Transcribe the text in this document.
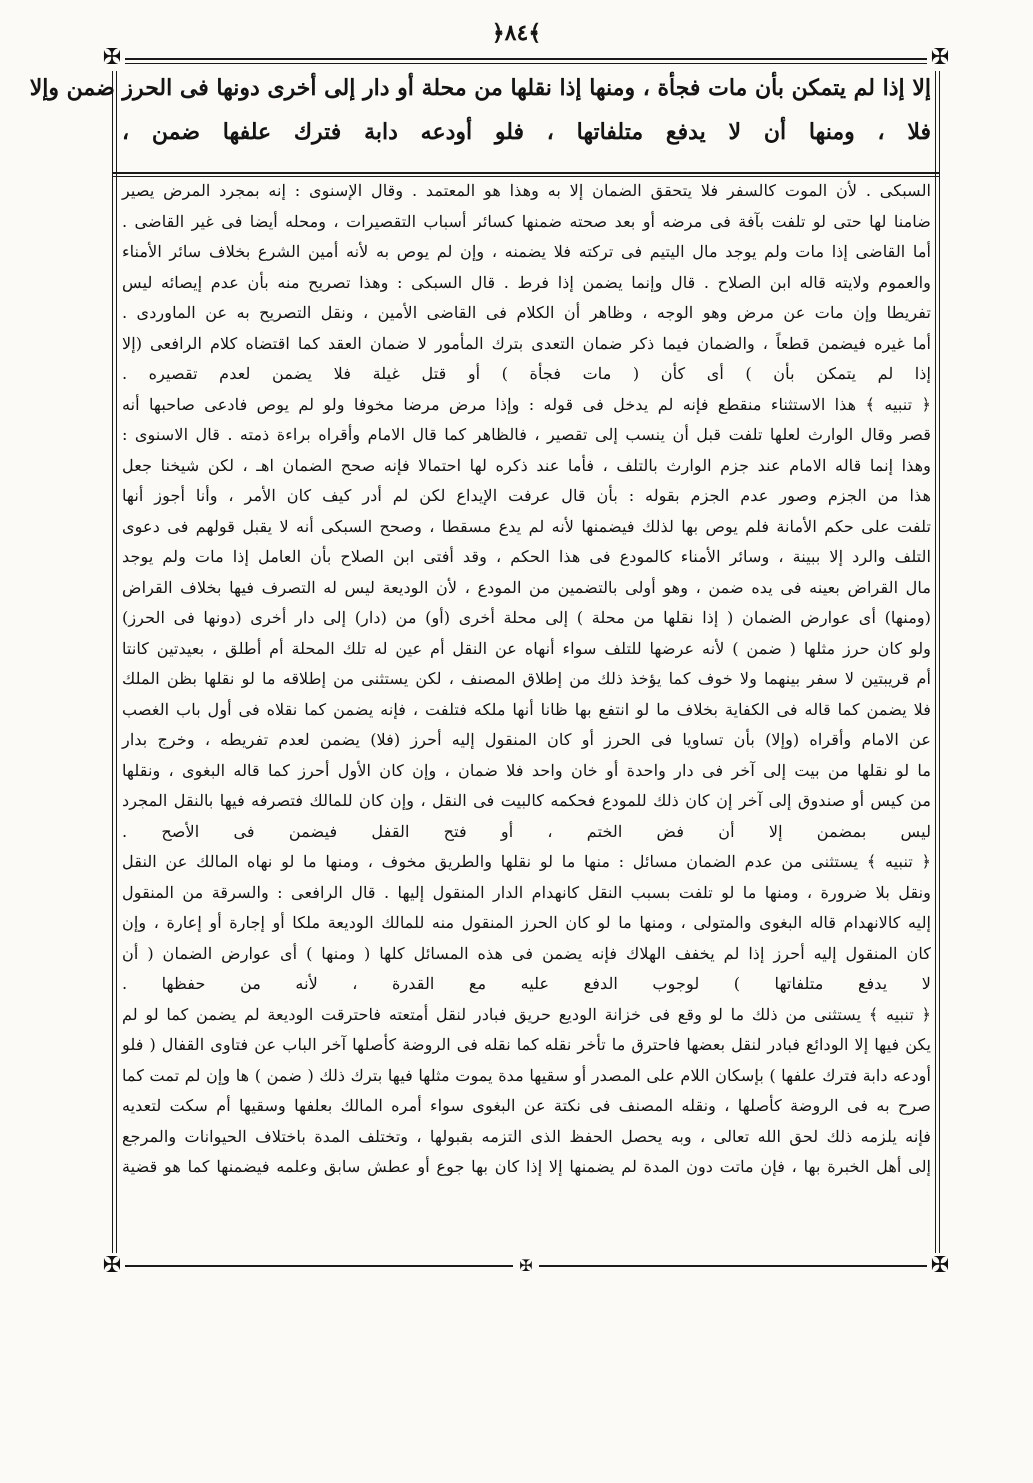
﴿٨٤﴾
✠	✠
✠	✠
✠
إلا إذا لم يتمكن بأن مات فجأة ، ومنها إذا نقلها من محلة أو دار إلى أخرى دونها فى الحرز ضمن وإلا
فلا ، ومنها أن لا يدفع متلفاتها ، فلو أودعه دابة فترك علفها ضمن ،
السبكى . لأن الموت كالسفر فلا يتحقق الضمان إلا به وهذا هو المعتمد . وقال الإسنوى : إنه بمجرد المرض يصير
ضامنا لها حتى لو تلفت بآفة فى مرضه أو بعد صحته ضمنها كسائر أسباب التقصيرات ، ومحله أيضا فى غير القاضى .
أما القاضى إذا مات ولم يوجد مال اليتيم فى تركته فلا يضمنه ، وإن لم يوص به لأنه أمين الشرع بخلاف سائر الأمناء
والعموم ولايته قاله ابن الصلاح . قال وإنما يضمن إذا فرط . قال السبكى : وهذا تصريح منه بأن عدم إيصائه ليس
تفريطا وإن مات عن مرض وهو الوجه ، وظاهر أن الكلام فى القاضى الأمين ، ونقل التصريح به عن الماوردى .
أما غيره فيضمن قطعاً ، والضمان فيما ذكر ضمان التعدى بترك المأمور لا ضمان العقد كما اقتضاه كلام الرافعى (إلا
إذا لم يتمكن بأن ) أى كأن ( مات فجأة ) أو قتل غيلة فلا يضمن لعدم تقصيره .
﴿ تنبيه ﴾ هذا الاستثناء منقطع فإنه لم يدخل فى قوله : وإذا مرض مرضا مخوفا ولو لم يوص فادعى صاحبها أنه
قصر وقال الوارث لعلها تلفت قبل أن ينسب إلى تقصير ، فالظاهر كما قال الامام وأقراه براءة ذمته . قال الاسنوى :
وهذا إنما قاله الامام عند جزم الوارث بالتلف ، فأما عند ذكره لها احتمالا فإنه صحح الضمان اهـ ، لكن شيخنا جعل
هذا من الجزم وصور عدم الجزم بقوله : بأن قال عرفت الإيداع لكن لم أدر كيف كان الأمر ، وأنا أجوز أنها
تلفت على حكم الأمانة فلم يوص بها لذلك فيضمنها لأنه لم يدع مسقطا ، وصحح السبكى أنه لا يقبل قولهم فى دعوى
التلف والرد إلا ببينة ، وسائر الأمناء كالمودع فى هذا الحكم ، وقد أفتى ابن الصلاح بأن العامل إذا مات ولم يوجد
مال القراض بعينه فى يده ضمن ، وهو أولى بالتضمين من المودع ، لأن الوديعة ليس له التصرف فيها بخلاف القراض
(ومنها) أى عوارض الضمان ( إذا نقلها من محلة ) إلى محلة أخرى (أو) من (دار) إلى دار أخرى (دونها فى الحرز)
ولو كان حرز مثلها ( ضمن ) لأنه عرضها للتلف سواء أنهاه عن النقل أم عين له تلك المحلة أم أطلق ، بعيدتين كانتا
أم قريبتين لا سفر بينهما ولا خوف كما يؤخذ ذلك من إطلاق المصنف ، لكن يستثنى من إطلاقه ما لو نقلها بظن الملك
فلا يضمن كما قاله فى الكفاية بخلاف ما لو انتفع بها ظانا أنها ملكه فتلفت ، فإنه يضمن كما نقلاه فى أول باب الغصب
عن الامام وأقراه (وإلا) بأن تساويا فى الحرز أو كان المنقول إليه أحرز (فلا) يضمن لعدم تفريطه ، وخرج بدار
ما لو نقلها من بيت إلى آخر فى دار واحدة أو خان واحد فلا ضمان ، وإن كان الأول أحرز كما قاله البغوى ، ونقلها
من كيس أو صندوق إلى آخر إن كان ذلك للمودع فحكمه كالبيت فى النقل ، وإن كان للمالك فتصرفه فيها بالنقل المجرد
ليس بمضمن إلا أن فض الختم ، أو فتح القفل فيضمن فى الأصح .
﴿ تنبيه ﴾ يستثنى من عدم الضمان مسائل : منها ما لو نقلها والطريق مخوف ، ومنها ما لو نهاه المالك عن النقل
ونقل بلا ضرورة ، ومنها ما لو تلفت بسبب النقل كانهدام الدار المنقول إليها . قال الرافعى : والسرقة من المنقول
إليه كالانهدام قاله البغوى والمتولى ، ومنها ما لو كان الحرز المنقول منه للمالك الوديعة ملكا أو إجارة أو إعارة ، وإن
كان المنقول إليه أحرز إذا لم يخفف الهلاك فإنه يضمن فى هذه المسائل كلها ( ومنها ) أى عوارض الضمان ( أن
لا يدفع متلفاتها ) لوجوب الدفع عليه مع القدرة ، لأنه من حفظها .
﴿ تنبيه ﴾ يستثنى من ذلك ما لو وقع فى خزانة الوديع حريق فبادر لنقل أمتعته فاحترقت الوديعة لم يضمن كما لو لم
يكن فيها إلا الودائع فبادر لنقل بعضها فاحترق ما تأخر نقله كما نقله فى الروضة كأصلها آخر الباب عن فتاوى القفال ( فلو
أودعه دابة فترك علفها ) بإسكان اللام على المصدر أو سقيها مدة يموت مثلها فيها بترك ذلك ( ضمن ) ها وإن لم تمت كما
صرح به فى الروضة كأصلها ، ونقله المصنف فى نكتة عن البغوى سواء أمره المالك بعلفها وسقيها أم سكت لتعديه
فإنه يلزمه ذلك لحق الله تعالى ، وبه يحصل الحفظ الذى التزمه بقبولها ، وتختلف المدة باختلاف الحيوانات والمرجع
إلى أهل الخبرة بها ، فإن ماتت دون المدة لم يضمنها إلا إذا كان بها جوع أو عطش سابق وعلمه فيضمنها كما هو قضية
